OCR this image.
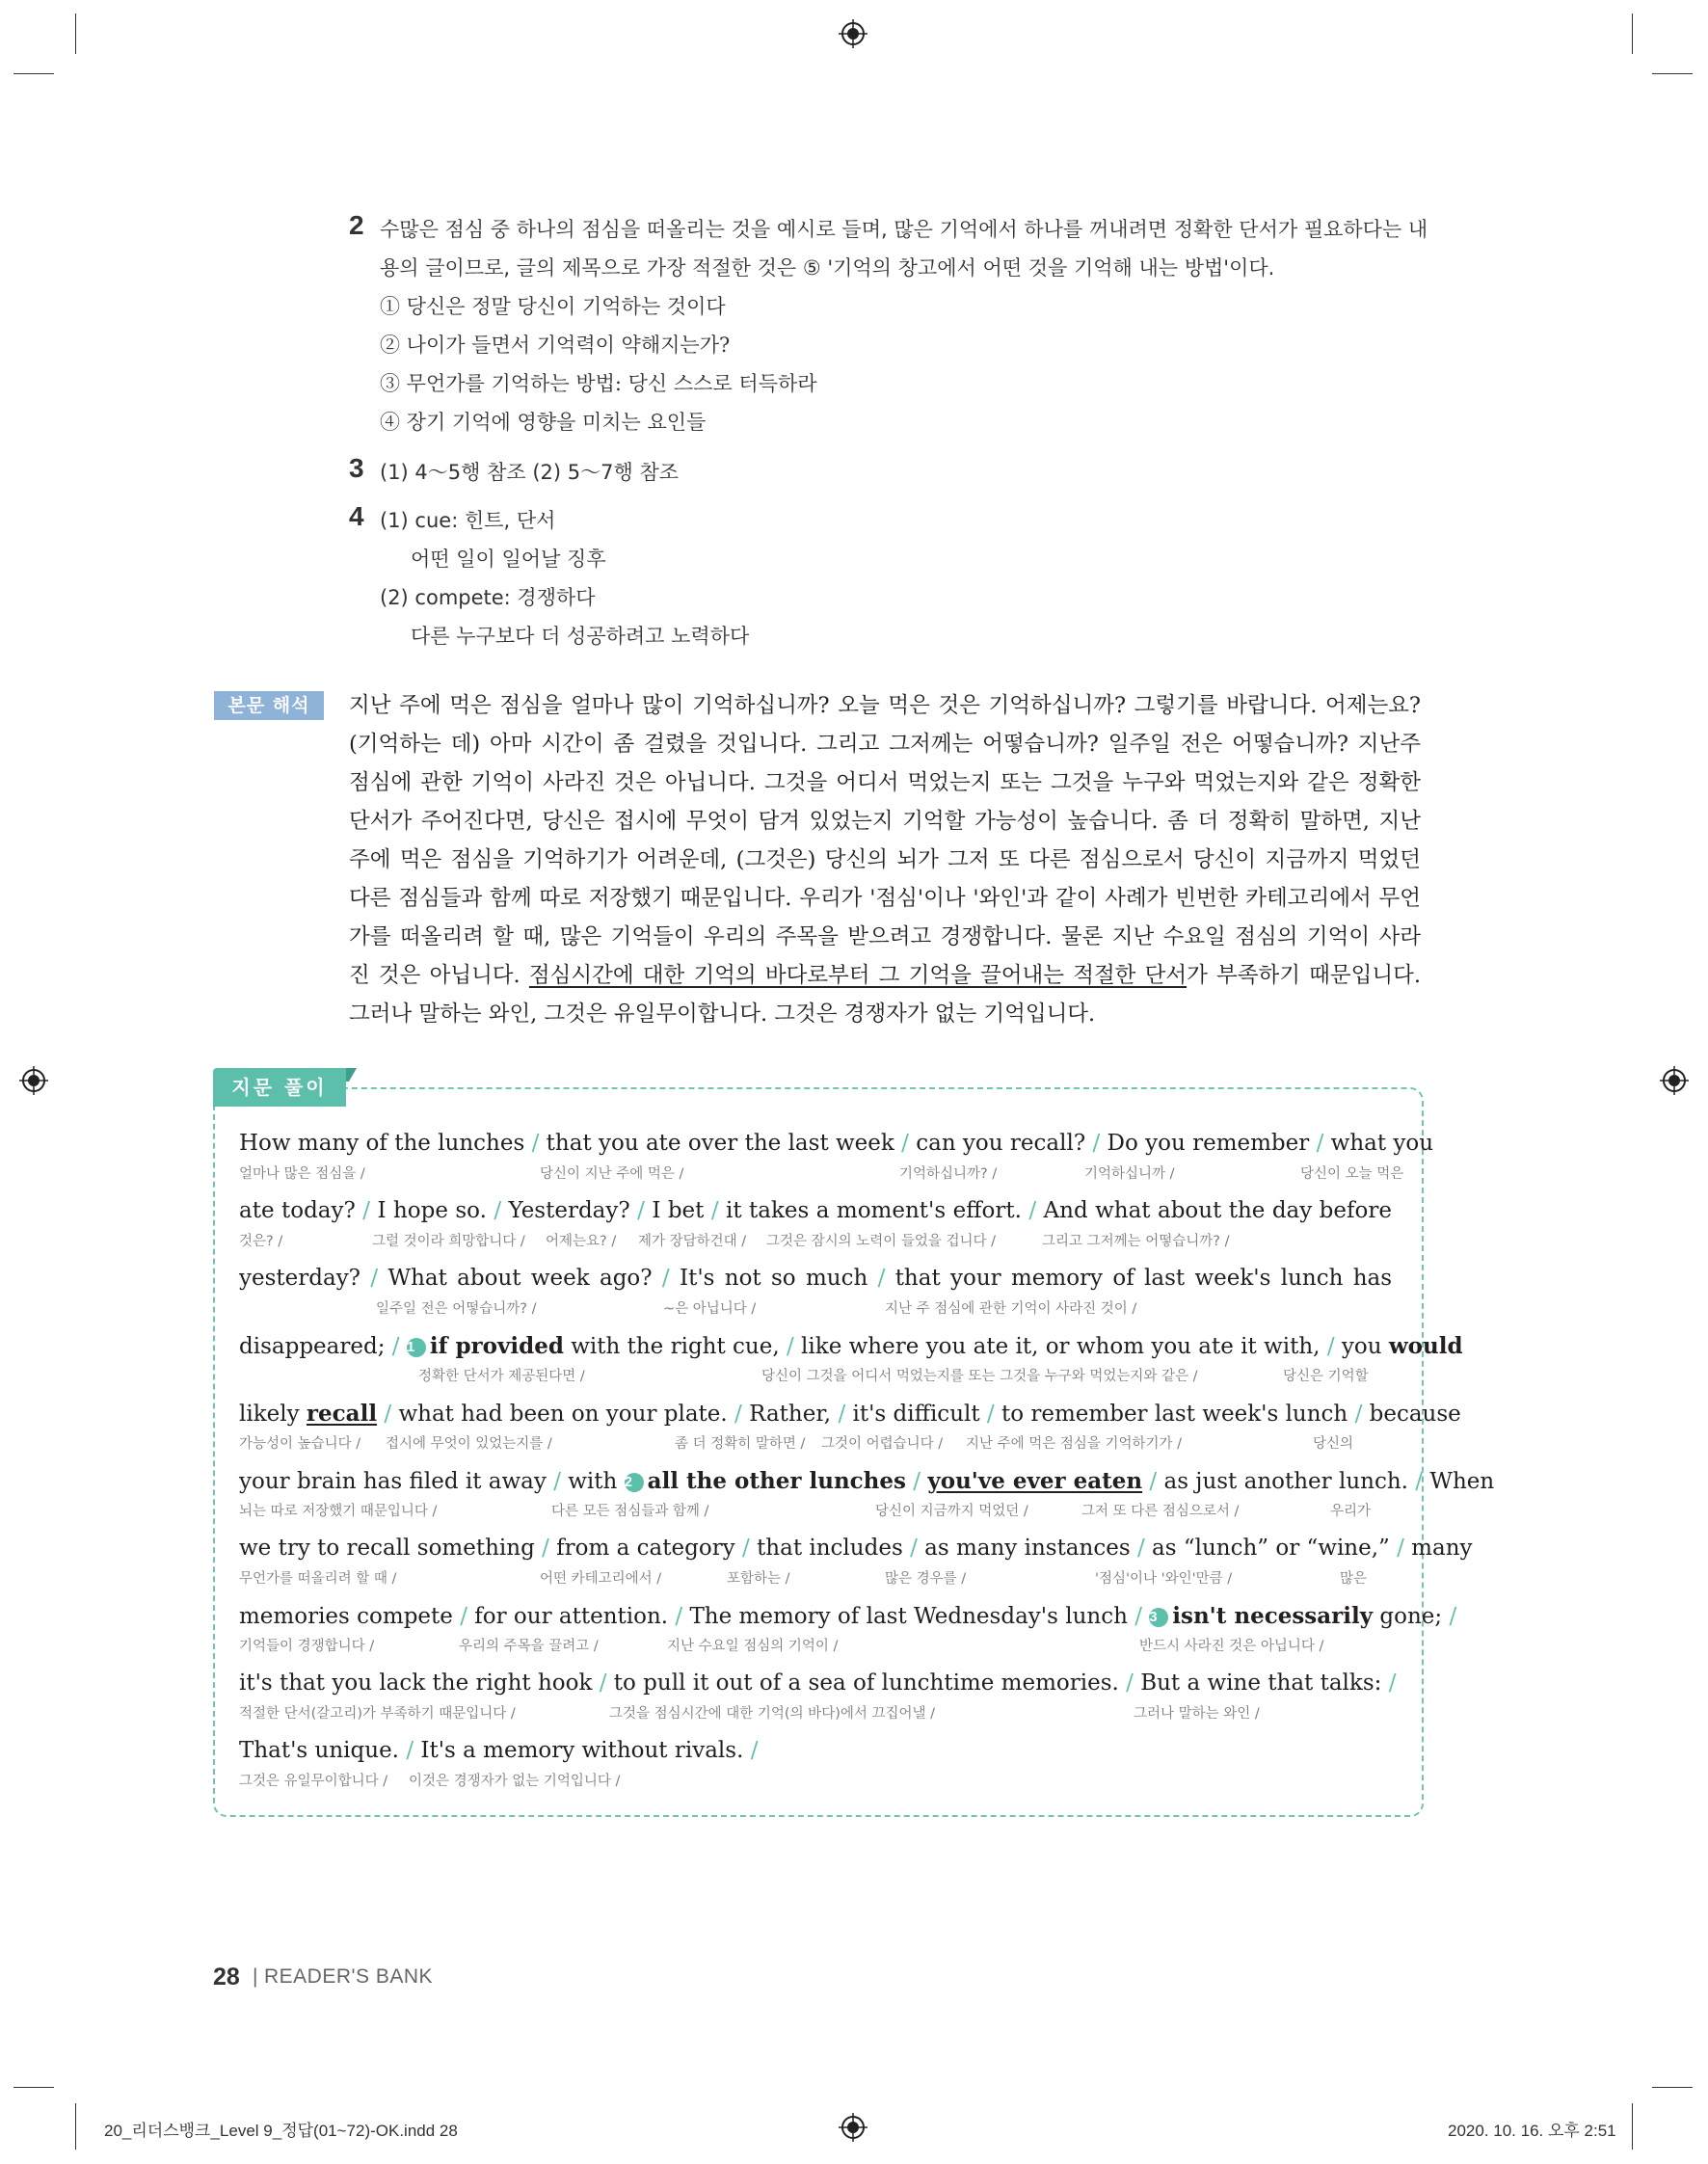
2 수많은 점심 중 하나의 점심을 떠올리는 것을 예시로 들며, 많은 기억에서 하나를 꺼내려면 정확한 단서가 필요하다는 내
용의 글이므로, 글의 제목으로 가장 적절한 것은 ⑤ '기억의 창고에서 어떤 것을 기억해 내는 방법'이다.
① 당신은 정말 당신이 기억하는 것이다
② 나이가 들면서 기억력이 약해지는가?
③ 무언가를 기억하는 방법: 당신 스스로 터득하라
④ 장기 기억에 영향을 미치는 요인들
3 (1) 4～5행 참조 (2) 5～7행 참조
4 (1) cue: 힌트, 단서
어떤 일이 일어날 징후
(2) compete: 경쟁하다
다른 누구보다 더 성공하려고 노력하다
본문 해석	지난 주에 먹은 점심을 얼마나 많이 기억하십니까? 오늘 먹은 것은 기억하십니까? 그렇기를 바랍니다. 어제는요?
(기억하는 데) 아마 시간이 좀 걸렸을 것입니다. 그리고 그저께는 어떻습니까? 일주일 전은 어떻습니까? 지난주
점심에 관한 기억이 사라진 것은 아닙니다. 그것을 어디서 먹었는지 또는 그것을 누구와 먹었는지와 같은 정확한
단서가 주어진다면, 당신은 접시에 무엇이 담겨 있었는지 기억할 가능성이 높습니다. 좀 더 정확히 말하면, 지난
주에 먹은 점심을 기억하기가 어려운데, (그것은) 당신의 뇌가 그저 또 다른 점심으로서 당신이 지금까지 먹었던
다른 점심들과 함께 따로 저장했기 때문입니다. 우리가 '점심'이나 '와인'과 같이 사례가 빈번한 카테고리에서 무언
가를 떠올리려 할 때, 많은 기억들이 우리의 주목을 받으려고 경쟁합니다. 물론 지난 수요일 점심의 기억이 사라
진 것은 아닙니다. 점심시간에 대한 기억의 바다로부터 그 기억을 끌어내는 적절한 단서가 부족하기 때문입니다.
그러나 말하는 와인, 그것은 유일무이합니다. 그것은 경쟁자가 없는 기억입니다.
지문 풀이
How many of the lunches / that you ate over the last week / can you recall? / Do you remember / what you
얼마나 많은 점심을 /	당신이 지난 주에 먹은 /	기억하십니까? /	기억하십니까 /	당신이 오늘 먹은
ate today? / I hope so. / Yesterday? / I bet / it takes a moment's effort. / And what about the day before
것은? /	그럴 것이라 희망합니다 / 어제는요? / 제가 장담하건대 / 그것은 잠시의 노력이 들었을 겁니다 /	그리고 그저께는 어떻습니까? /
yesterday? / What about week ago? / It's not so much / that your memory of last week's lunch has
일주일 전은 어떻습니까? /	~은 아닙니다 /	지난 주 점심에 관한 기억이 사라진 것이 /
disappeared; / 1 if provided with the right cue, / like where you ate it, or whom you ate it with, / you would
정확한 단서가 제공된다면 /	당신이 그것을 어디서 먹었는지를 또는 그것을 누구와 먹었는지와 같은 /	당신은 기억할
likely recall / what had been on your plate. / Rather, / it's difficult / to remember last week's lunch / because
가능성이 높습니다 / 접시에 무엇이 있었는지를 /	좀 더 정확히 말하면 / 그것이 어렵습니다 / 지난 주에 먹은 점심을 기억하기가 /	당신의
your brain has filed it away / with 2 all the other lunches / you've ever eaten / as just another lunch. / When
뇌는 따로 저장했기 때문입니다 /	다른 모든 점심들과 함께 /	당신이 지금까지 먹었던 /	그저 또 다른 점심으로서 /	우리가
we try to recall something / from a category / that includes / as many instances / as “lunch” or “wine,” / many
무언가를 떠올리려 할 때 /	어떤 카테고리에서 /	포함하는 /	많은 경우를 /	'점심'이나 '와인'만큼 /	많은
memories compete / for our attention. / The memory of last Wednesday's lunch / 3 isn't necessarily gone; /
기억들이 경쟁합니다 /	우리의 주목을 끌려고 /	지난 수요일 점심의 기억이 /	반드시 사라진 것은 아닙니다 /
it's that you lack the right hook / to pull it out of a sea of lunchtime memories. / But a wine that talks: /
적절한 단서(갈고리)가 부족하기 때문입니다 /	그것을 점심시간에 대한 기억(의 바다)에서 끄집어낼 /	그러나 말하는 와인 /
That's unique. / It's a memory without rivals. /
그것은 유일무이합니다 / 이것은 경쟁자가 없는 기억입니다 /
28 | READER'S BANK
20_리더스뱅크_Level 9_정답(01~72)-OK.indd 28	2020. 10. 16. 오후 2:51
